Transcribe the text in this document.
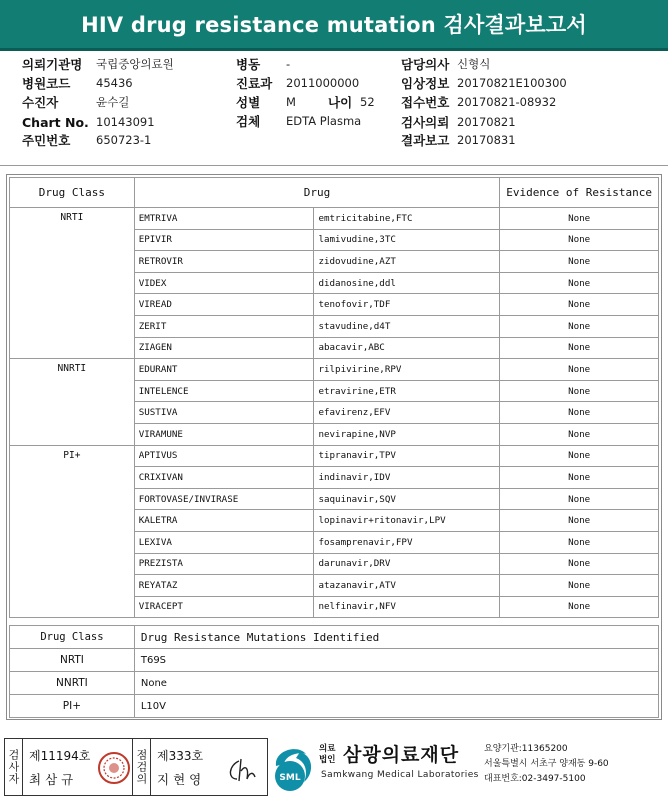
HIV drug resistance mutation 검사결과보고서
의뢰기관명	국립중앙의료원
병원코드	45436
수진자	윤수길
Chart No. 10143091
주민번호	650723-1
병동	-
진료과	2011000000
성별	M	나이 52
검체	EDTA Plasma
담당의사 신형식
임상정보 20170821E100300
접수번호 20170821-08932
검사의뢰 20170821
결과보고 20170831
Drug Class	Drug		Evidence of Resistance
NRTI	EMTRIVA	emtricitabine,FTC	None
	EPIVIR	lamivudine,3TC	None
	RETROVIR	zidovudine,AZT	None
	VIDEX	didanosine,ddl	None
	VIREAD	tenofovir,TDF	None
	ZERIT	stavudine,d4T	None
	ZIAGEN	abacavir,ABC	None
NNRTI	EDURANT	rilpivirine,RPV	None
	INTELENCE	etravirine,ETR	None
	SUSTIVA	efavirenz,EFV	None
	VIRAMUNE	nevirapine,NVP	None
PI+	APTIVUS	tipranavir,TPV	None
	CRIXIVAN	indinavir,IDV	None
	FORTOVASE/INVIRASE	saquinavir,SQV	None
	KALETRA	lopinavir+ritonavir,LPV	None
	LEXIVA	fosamprenavir,FPV	None
	PREZISTA	darunavir,DRV	None
	REYATAZ	atazanavir,ATV	None
	VIRACEPT	nelfinavir,NFV	None
Drug Class	Drug Resistance Mutations Identified
NRTI	T69S
NNRTI	None
PI+	L10V
검사자 제11194호
최삼규	점검의 제333호
지현영	SML
의료법인 삼광의료재단
Samkwang Medical Laboratories
요양기관:11365200
서울특별시 서초구 양재동 9-60
대표번호:02-3497-5100
